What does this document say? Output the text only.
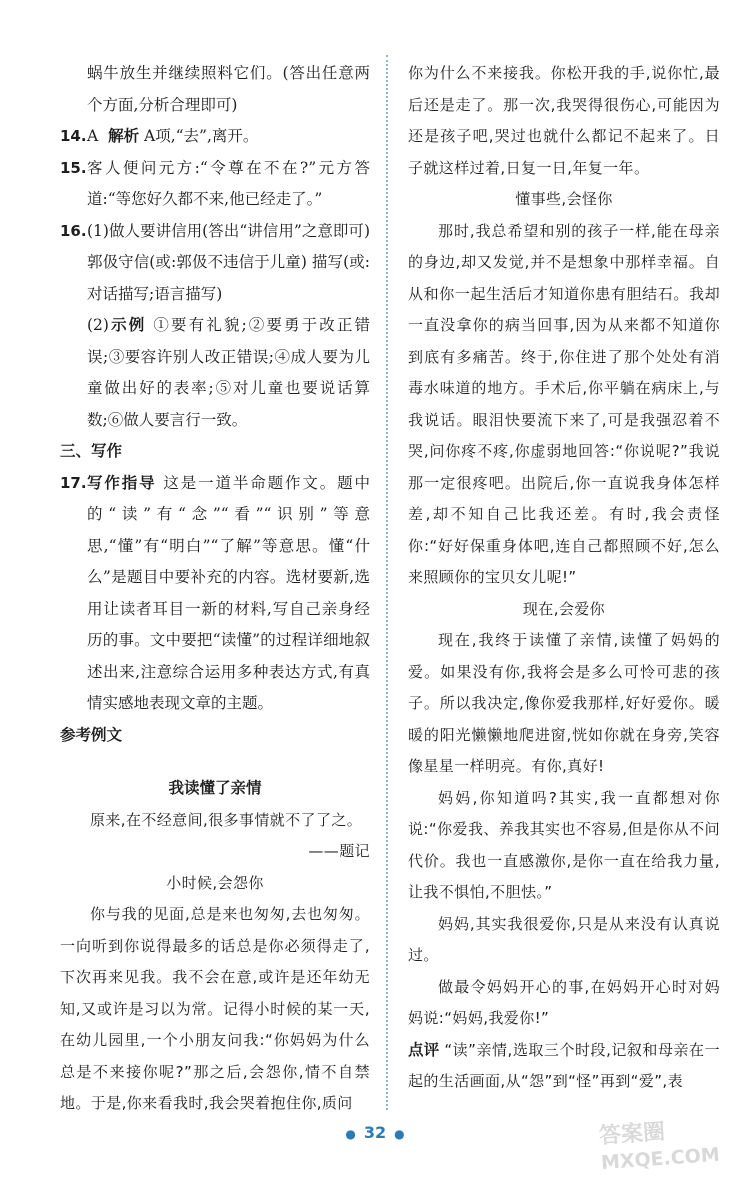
蜗牛放生并继续照料它们。(答出任意两个方面,分析合理即可)

14. A 解析 A项,“去”,离开。

15. 客人便问元方:“令尊在不在?”元方答道:“等您好久都不来,他已经走了。”

16. (1)做人要讲信用(答出“讲信用”之意即可)郭伋守信(或:郭伋不违信于儿童) 描写(或:对话描写;语言描写)

(2)示例 ①要有礼貌;②要勇于改正错误;③要容许别人改正错误;④成人要为儿童做出好的表率;⑤对儿童也要说话算数;⑥做人要言行一致。

三、写作
17. 写作指导 这是一道半命题作文。题中的“读”有“念”“看”“识别”等意思,“懂”有“明白”“了解”等意思。懂“什么”是题目中要补充的内容。选材要新,选用让读者耳目一新的材料,写自己亲身经历的事。文中要把“读懂”的过程详细地叙述出来,注意综合运用多种表达方式,有真情实感地表现文章的主题。

参考例文
我读懂了亲情

原来,在不经意间,很多事情就不了了之。

——题记

小时候,会怨你

你与我的见面,总是来也匆匆,去也匆匆。一向听到你说得最多的话总是你必须得走了,下次再来见我。我不会在意,或许是还年幼无知,又或许是习以为常。记得小时候的某一天,在幼儿园里,一个小朋友问我:“你妈妈为什么总是不来接你呢?”那之后,会怨你,情不自禁地。于是,你来看我时,我会哭着抱住你,质问

你为什么不来接我。你松开我的手,说你忙,最后还是走了。那一次,我哭得很伤心,可能因为还是孩子吧,哭过也就什么都记不起来了。日子就这样过着,日复一日,年复一年。

懂事些,会怪你

那时,我总希望和别的孩子一样,能在母亲的身边,却又发觉,并不是想象中那样幸福。自从和你一起生活后才知道你患有胆结石。我却一直没拿你的病当回事,因为从来都不知道你到底有多痛苦。终于,你住进了那个处处有消毒水味道的地方。手术后,你平躺在病床上,与我说话。眼泪快要流下来了,可是我强忍着不哭,问你疼不疼,你虚弱地回答:“你说呢?”我说那一定很疼吧。出院后,你一直说我身体怎样差,却不知自己比我还差。有时,我会责怪你:“好好保重身体吧,连自己都照顾不好,怎么来照顾你的宝贝女儿呢!”

现在,会爱你

现在,我终于读懂了亲情,读懂了妈妈的爱。如果没有你,我将会是多么可怜可悲的孩子。所以我决定,像你爱我那样,好好爱你。暖暖的阳光懒懒地爬进窗,恍如你就在身旁,笑容像星星一样明亮。有你,真好!

妈妈,你知道吗?其实,我一直都想对你说:“你爱我、养我其实也不容易,但是你从不问代价。我也一直感激你,是你一直在给我力量,让我不惧怕,不胆怯。”

妈妈,其实我很爱你,只是从来没有认真说过。

做最令妈妈开心的事,在妈妈开心时对妈妈说:“妈妈,我爱你!”

点评 “读”亲情,选取三个时段,记叙和母亲在一起的生活画面,从“怨”到“怪”再到“爱”,表

● 32 ●	答案圈
MXQE.COM
